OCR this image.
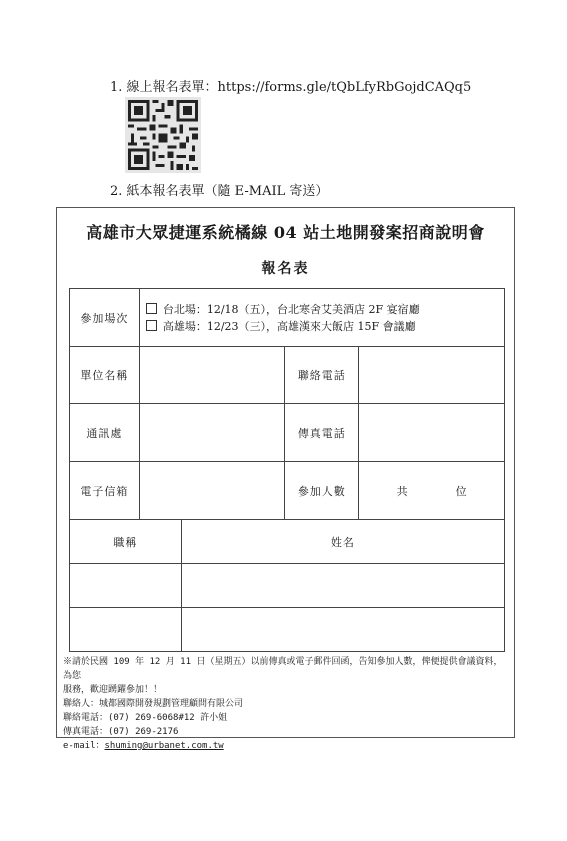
1. 線上報名表單：https://forms.gle/tQbLfyRbGojdCAQq5
2. 紙本報名表單（隨 E-MAIL 寄送）
高雄市大眾捷運系統橘線 04 站土地開發案招商說明會
報名表
參加場次	台北場：12/18（五），台北寒舍艾美酒店 2F 宴宿廳
高雄場：12/23（三），高雄漢來大飯店 15F 會議廳		

單位名稱		聯絡電話	
通訊處		傳真電話	
電子信箱		參加人數	共 位
職稱	姓名

※請於民國 109 年 12 月 11 日（星期五）以前傳真或電子郵件回函，告知參加人數，俾便提供會議資料，為您
服務，歡迎踴躍參加！！
聯絡人：城都國際開發規劃管理顧問有限公司
聯絡電話：(07) 269-6068#12 許小姐
傳真電話：(07) 269-2176
e-mail：shuming@urbanet.com.tw
